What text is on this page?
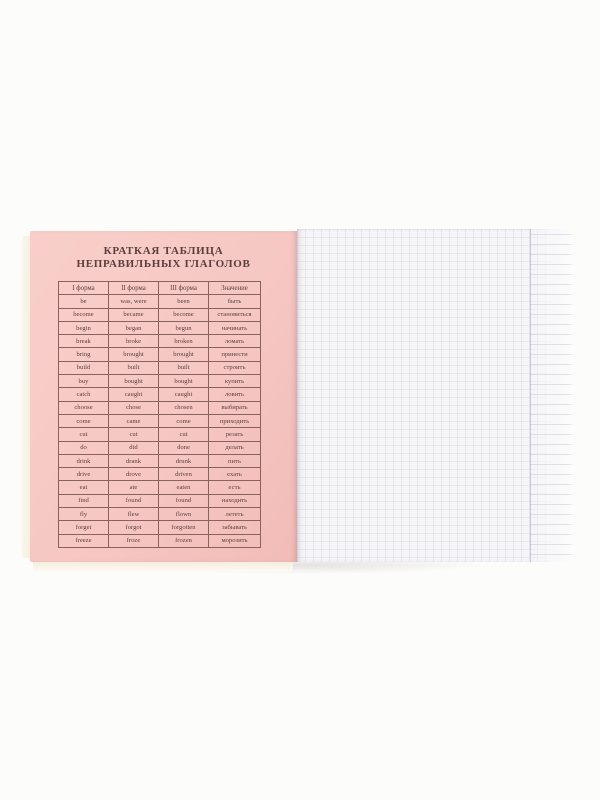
КРАТКАЯ ТАБЛИЦА
НЕПРАВИЛЬНЫХ ГЛАГОЛОВ
I форма	II форма	III форма	Значение
be	was, were	been	быть
become	became	become	становиться
begin	began	begun	начинать
break	broke	broken	ломать
bring	brought	brought	принести
build	built	built	строить
buy	bought	bought	купить
catch	caught	caught	ловить
choose	chose	chosen	выбирать
come	came	come	приходить
cut	cut	cut	резать
do	did	done	делать
drink	drank	drunk	пить
drive	drove	driven	ехать
eat	ate	eaten	есть
find	found	found	находить
fly	flew	flown	лететь
forget	forgot	forgotten	забывать
freeze	froze	frozen	морозить
